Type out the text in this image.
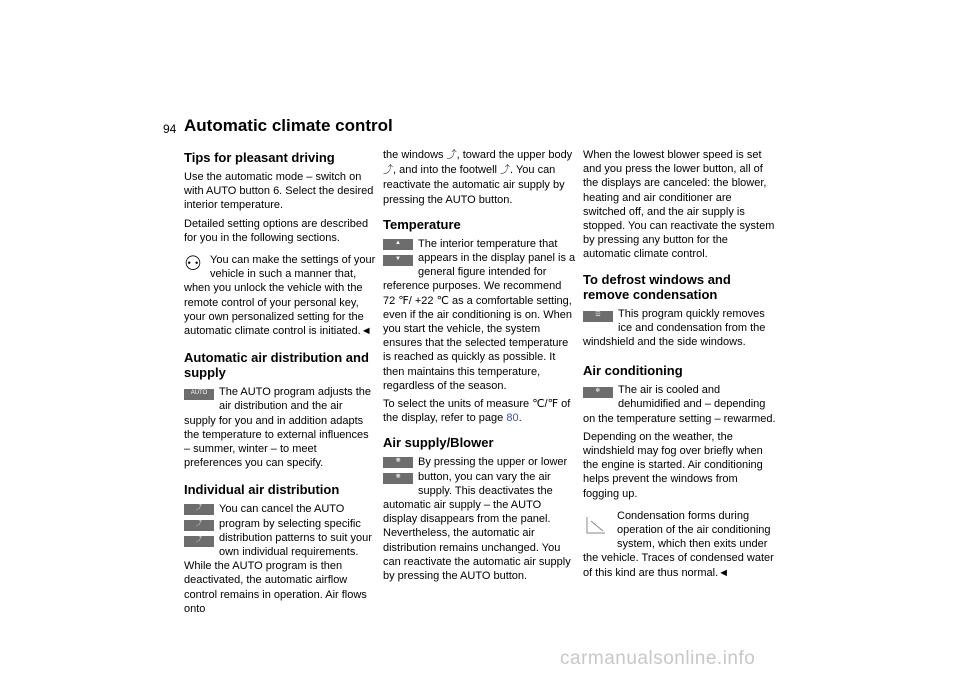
94 Automatic climate control
Tips for pleasant driving

Use the automatic mode – switch on with AUTO button 6. Select the desired interior temperature.

Detailed setting options are described for you in the following sections.

⚇ You can make the settings of your vehicle in such a manner that, when you unlock the vehicle with the remote control of your personal key, your own personalized setting for the automatic climate control is initiated.◄

Automatic air distribution and supply

AUTO	The AUTO program adjusts the air distribution and the air supply for you and in addition adapts the temperature to external influences – summer, winter – to meet preferences you can specify.

Individual air distribution

⤴
⤴
⤴
You can cancel the AUTO program by selecting specific distribution patterns to suit your own individual requirements. While the AUTO program is then deactivated, the automatic airflow control remains in operation. Air flows onto

the windows ⤴, toward the upper body ⤴, and into the footwell ⤴. You can reactivate the automatic air supply by pressing the AUTO button.

Temperature

▲
▼
The interior temperature that appears in the display panel is a general figure intended for reference purposes. We recommend 72 ℉/ +22 ℃ as a comfortable setting, even if the air conditioning is on. When you start the vehicle, the system ensures that the selected temperature is reached as quickly as possible. It then maintains this temperature, regardless of the season.

To select the units of measure ℃/℉ of the display, refer to page 80.

Air supply/Blower

❋
❋
By pressing the upper or lower button, you can vary the air supply. This deactivates the automatic air supply – the AUTO display disappears from the panel. Nevertheless, the automatic air distribution remains unchanged. You can reactivate the automatic air supply by pressing the AUTO button.

When the lowest blower speed is set and you press the lower button, all of the displays are canceled: the blower, heating and air conditioner are switched off, and the air supply is stopped. You can reactivate the system by pressing any button for the automatic climate control.

To defrost windows and remove condensation

☲	This program quickly removes ice and condensation from the windshield and the side windows.

Air conditioning

❄	The air is cooled and dehumidified and – depending on the temperature setting – rewarmed.

Depending on the weather, the windshield may fog over briefly when the engine is started. Air conditioning helps prevent the windows from fogging up.

Condensation forms during operation of the air conditioning system, which then exits under the vehicle. Traces of condensed water of this kind are thus normal.◄

carmanualsonline.info
